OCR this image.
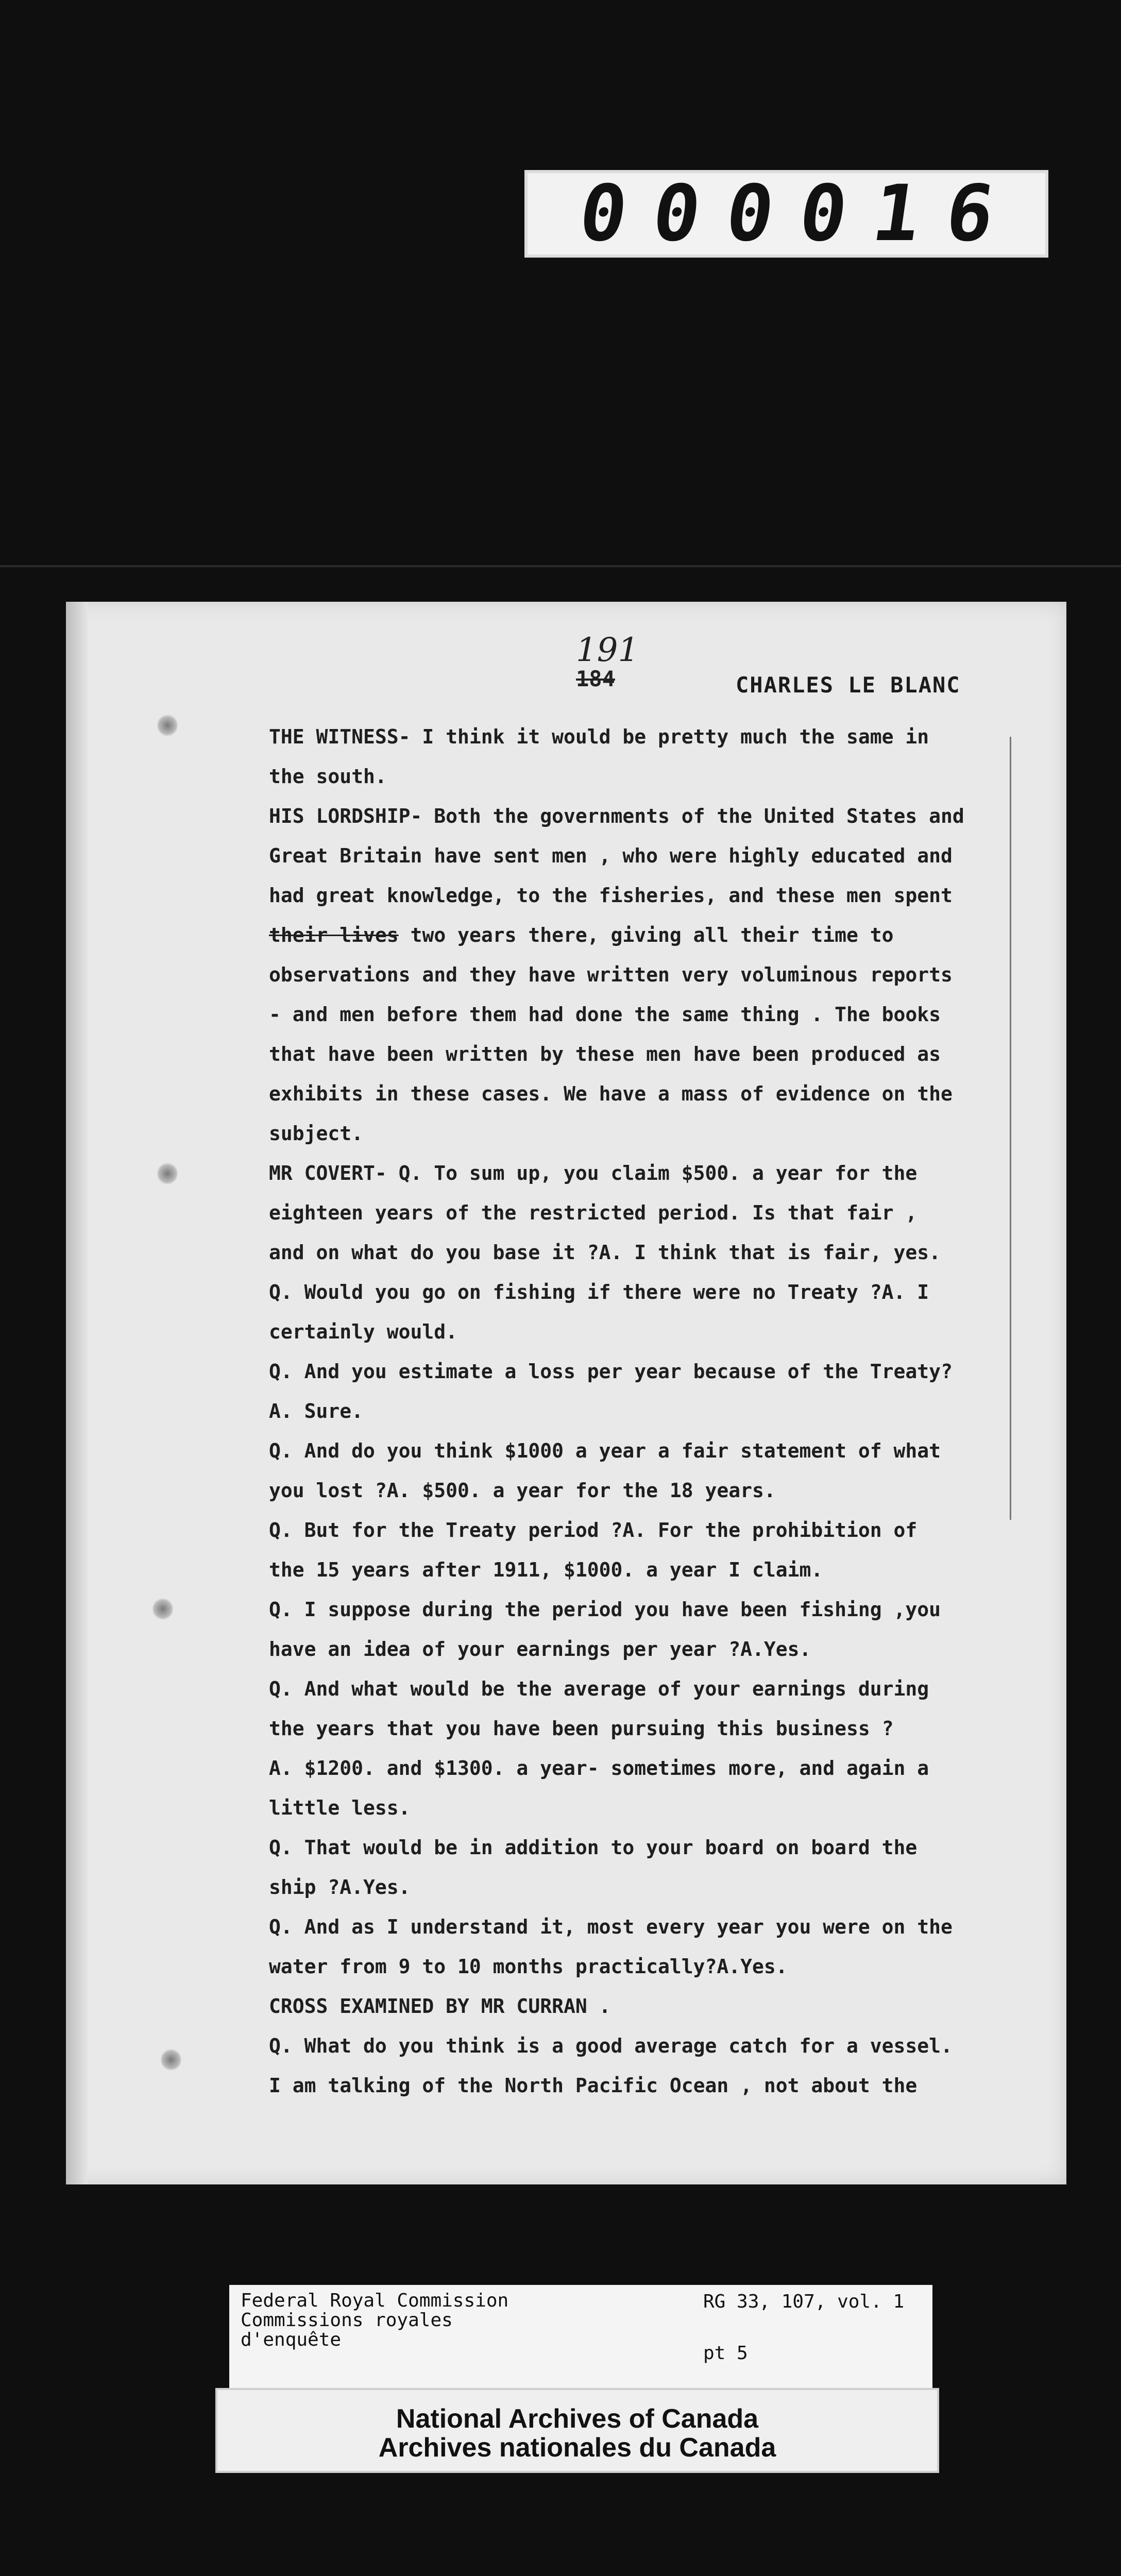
000016
191
184	CHARLES LE BLANC
THE WITNESS- I think it would be pretty much the same in
the south.
HIS LORDSHIP- Both the governments of the United States and
Great Britain have sent men , who were highly educated and
had great knowledge, to the fisheries, and these men spent
their lives two years there, giving all their time to
observations and they have written very voluminous reports
- and men before them had done the same thing . The books
that have been written by these men have been produced as
exhibits in these cases. We have a mass of evidence on the
subject.
MR COVERT- Q. To sum up, you claim $500. a year for the
eighteen years of the restricted period. Is that fair ,
and on what do you base it ?A. I think that is fair, yes.
Q. Would you go on fishing if there were no Treaty ?A. I
certainly would.
Q. And you estimate a loss per year because of the Treaty?
A. Sure.
Q. And do you think $1000 a year a fair statement of what
you lost ?A. $500. a year for the 18 years.
Q. But for the Treaty period ?A. For the prohibition of
the 15 years after 1911, $1000. a year I claim.
Q. I suppose during the period you have been fishing ,you
have an idea of your earnings per year ?A.Yes.
Q. And what would be the average of your earnings during
the years that you have been pursuing this business ?
A. $1200. and $1300. a year- sometimes more, and again a
little less.
Q. That would be in addition to your board on board the
ship ?A.Yes.
Q. And as I understand it, most every year you were on the
water from 9 to 10 months practically?A.Yes.
CROSS EXAMINED BY MR CURRAN .
Q. What do you think is a good average catch for a vessel.
I am talking of the North Pacific Ocean , not about the
Federal Royal Commission
Commissions royales
d'enquête
RG 33, 107, vol. 1
pt 5
National Archives of Canada
Archives nationales du Canada
